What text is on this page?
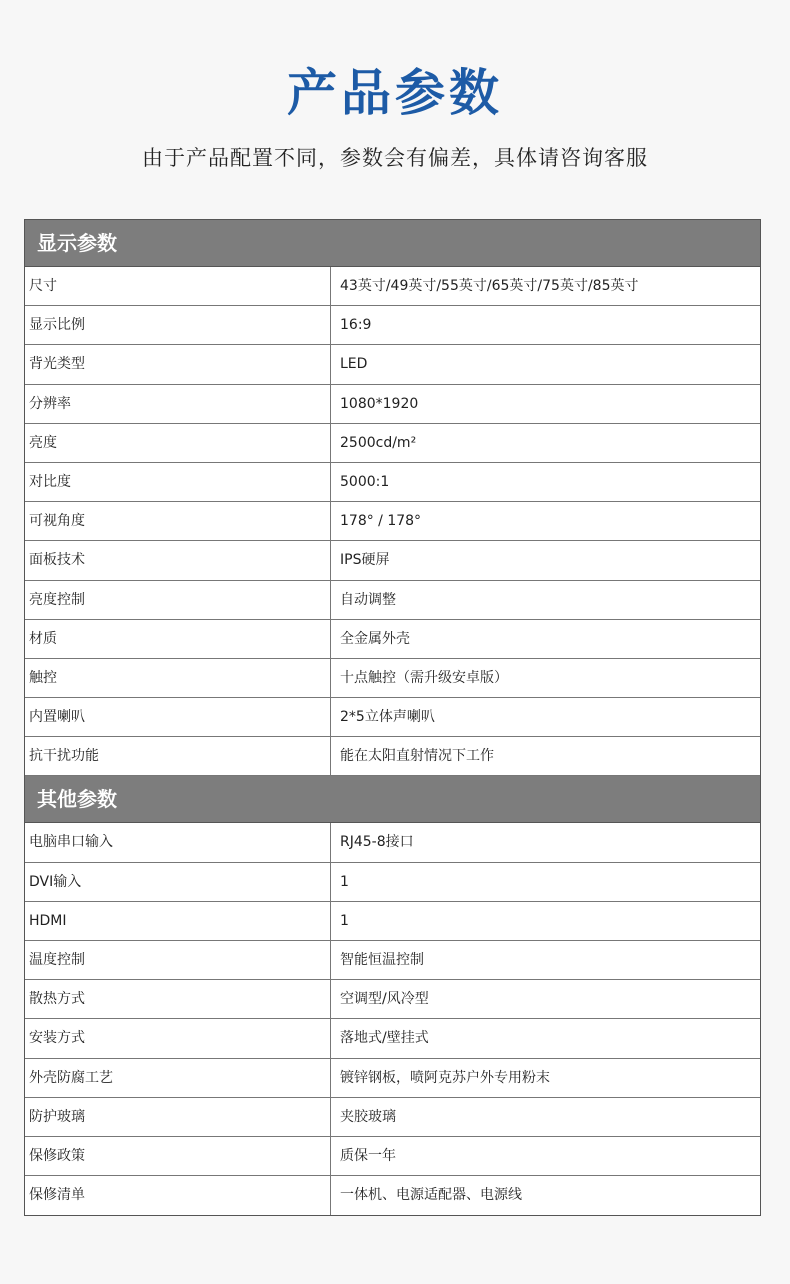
产品参数
由于产品配置不同，参数会有偏差，具体请咨询客服
显示参数
尺寸	43英寸/49英寸/55英寸/65英寸/75英寸/85英寸
显示比例	16:9
背光类型	LED
分辨率	1080*1920
亮度	2500cd/m²
对比度	5000:1
可视角度	178° / 178°
面板技术	IPS硬屏
亮度控制	自动调整
材质	全金属外壳
触控	十点触控（需升级安卓版）
内置喇叭	2*5立体声喇叭
抗干扰功能	能在太阳直射情况下工作
其他参数
电脑串口输入	RJ45-8接口
DVI输入	1
HDMI	1
温度控制	智能恒温控制
散热方式	空调型/风冷型
安装方式	落地式/壁挂式
外壳防腐工艺	镀锌钢板，喷阿克苏户外专用粉末
防护玻璃	夹胶玻璃
保修政策	质保一年
保修清单	一体机、电源适配器、电源线
